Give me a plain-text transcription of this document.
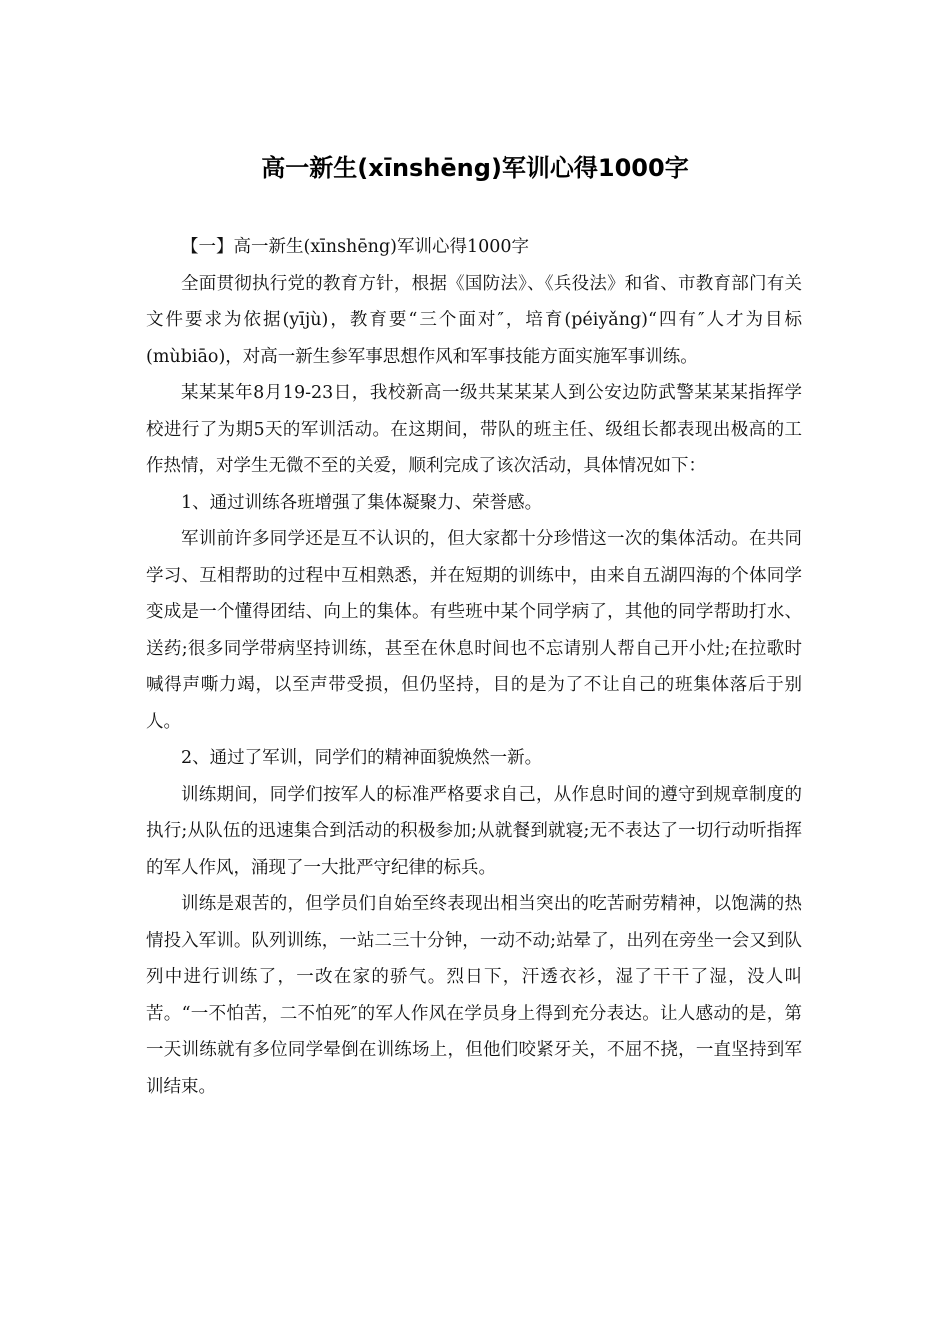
高一新生(xīnshēng)军训心得1000字

【一】高一新生(xīnshēng)军训心得1000字

全面贯彻执行党的教育方针，根据《国防法》、《兵役法》和省、市教育部门有关文件要求为依据(yījù)，教育要“三个面对″，培育(péiyǎng)“四有″人才为目标(mùbiāo)，对高一新生参军事思想作风和军事技能方面实施军事训练。

某某某年8月19-23日，我校新高一级共某某某人到公安边防武警某某某指挥学校进行了为期5天的军训活动。在这期间，带队的班主任、级组长都表现出极高的工作热情，对学生无微不至的关爱，顺利完成了该次活动，具体情况如下：

1、通过训练各班增强了集体凝聚力、荣誉感。

军训前许多同学还是互不认识的，但大家都十分珍惜这一次的集体活动。在共同学习、互相帮助的过程中互相熟悉，并在短期的训练中，由来自五湖四海的个体同学变成是一个懂得团结、向上的集体。有些班中某个同学病了，其他的同学帮助打水、送药;很多同学带病坚持训练，甚至在休息时间也不忘请别人帮自己开小灶;在拉歌时喊得声嘶力竭，以至声带受损，但仍坚持，目的是为了不让自己的班集体落后于别人。

2、通过了军训，同学们的精神面貌焕然一新。

训练期间，同学们按军人的标准严格要求自己，从作息时间的遵守到规章制度的执行;从队伍的迅速集合到活动的积极参加;从就餐到就寝;无不表达了一切行动听指挥的军人作风，涌现了一大批严守纪律的标兵。

训练是艰苦的，但学员们自始至终表现出相当突出的吃苦耐劳精神，以饱满的热情投入军训。队列训练，一站二三十分钟，一动不动;站晕了，出列在旁坐一会又到队列中进行训练了，一改在家的骄气。烈日下，汗透衣衫，湿了干干了湿，没人叫苦。“一不怕苦，二不怕死″的军人作风在学员身上得到充分表达。让人感动的是，第一天训练就有多位同学晕倒在训练场上，但他们咬紧牙关，不屈不挠，一直坚持到军训结束。
